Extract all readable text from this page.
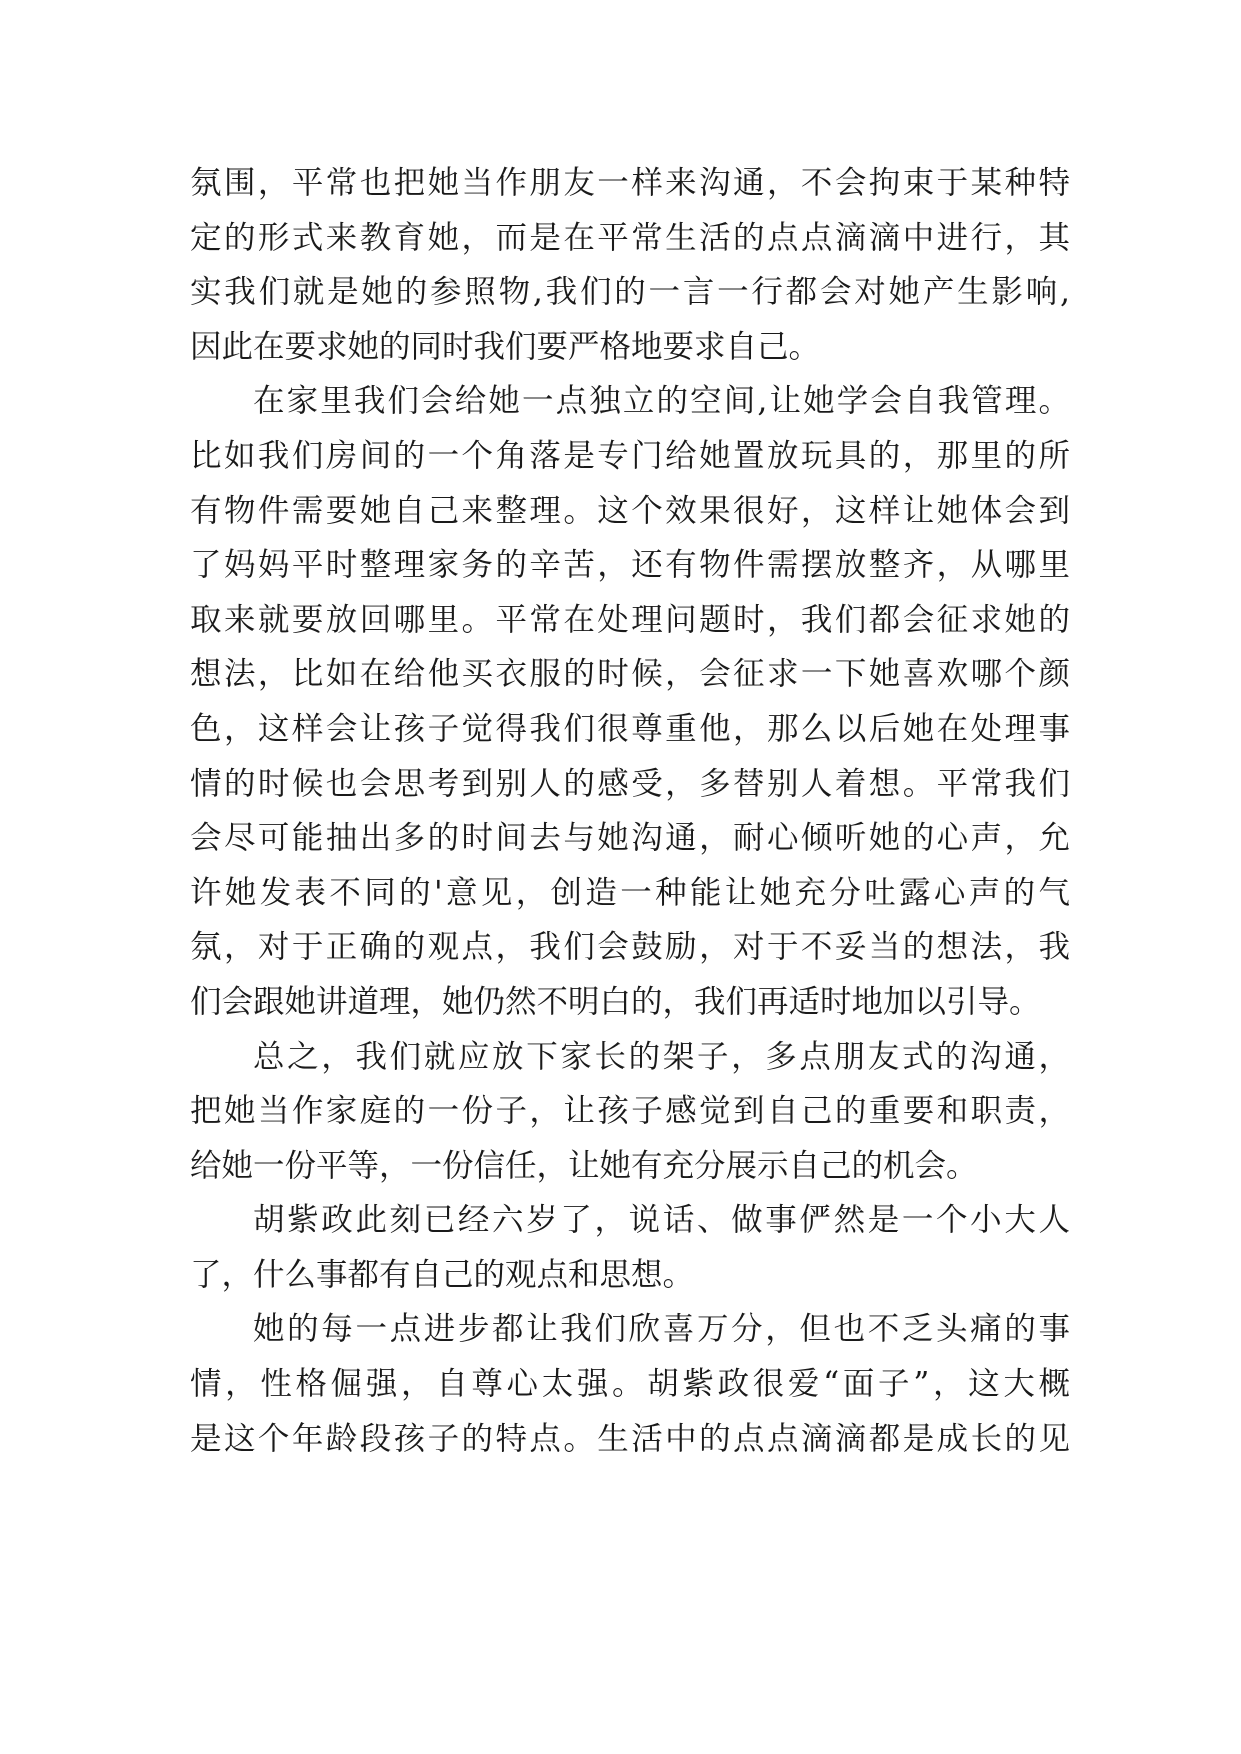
氛围，平常也把她当作朋友一样来沟通，不会拘束于某种特
定的形式来教育她，而是在平常生活的点点滴滴中进行，其
实我们就是她的参照物,我们的一言一行都会对她产生影响,
因此在要求她的同时我们要严格地要求自己。
在家里我们会给她一点独立的空间,让她学会自我管理。
比如我们房间的一个角落是专门给她置放玩具的，那里的所
有物件需要她自己来整理。这个效果很好，这样让她体会到
了妈妈平时整理家务的辛苦，还有物件需摆放整齐，从哪里
取来就要放回哪里。平常在处理问题时，我们都会征求她的
想法，比如在给他买衣服的时候，会征求一下她喜欢哪个颜
色，这样会让孩子觉得我们很尊重他，那么以后她在处理事
情的时候也会思考到别人的感受，多替别人着想。平常我们
会尽可能抽出多的时间去与她沟通，耐心倾听她的心声，允
许她发表不同的'意见，创造一种能让她充分吐露心声的气
氛，对于正确的观点，我们会鼓励，对于不妥当的想法，我
们会跟她讲道理，她仍然不明白的，我们再适时地加以引导。
总之，我们就应放下家长的架子，多点朋友式的沟通，
把她当作家庭的一份子，让孩子感觉到自己的重要和职责，
给她一份平等，一份信任，让她有充分展示自己的机会。
胡紫政此刻已经六岁了，说话、做事俨然是一个小大人
了，什么事都有自己的观点和思想。
她的每一点进步都让我们欣喜万分，但也不乏头痛的事
情，性格倔强，自尊心太强。胡紫政很爱“面子”，这大概
是这个年龄段孩子的特点。生活中的点点滴滴都是成长的见
